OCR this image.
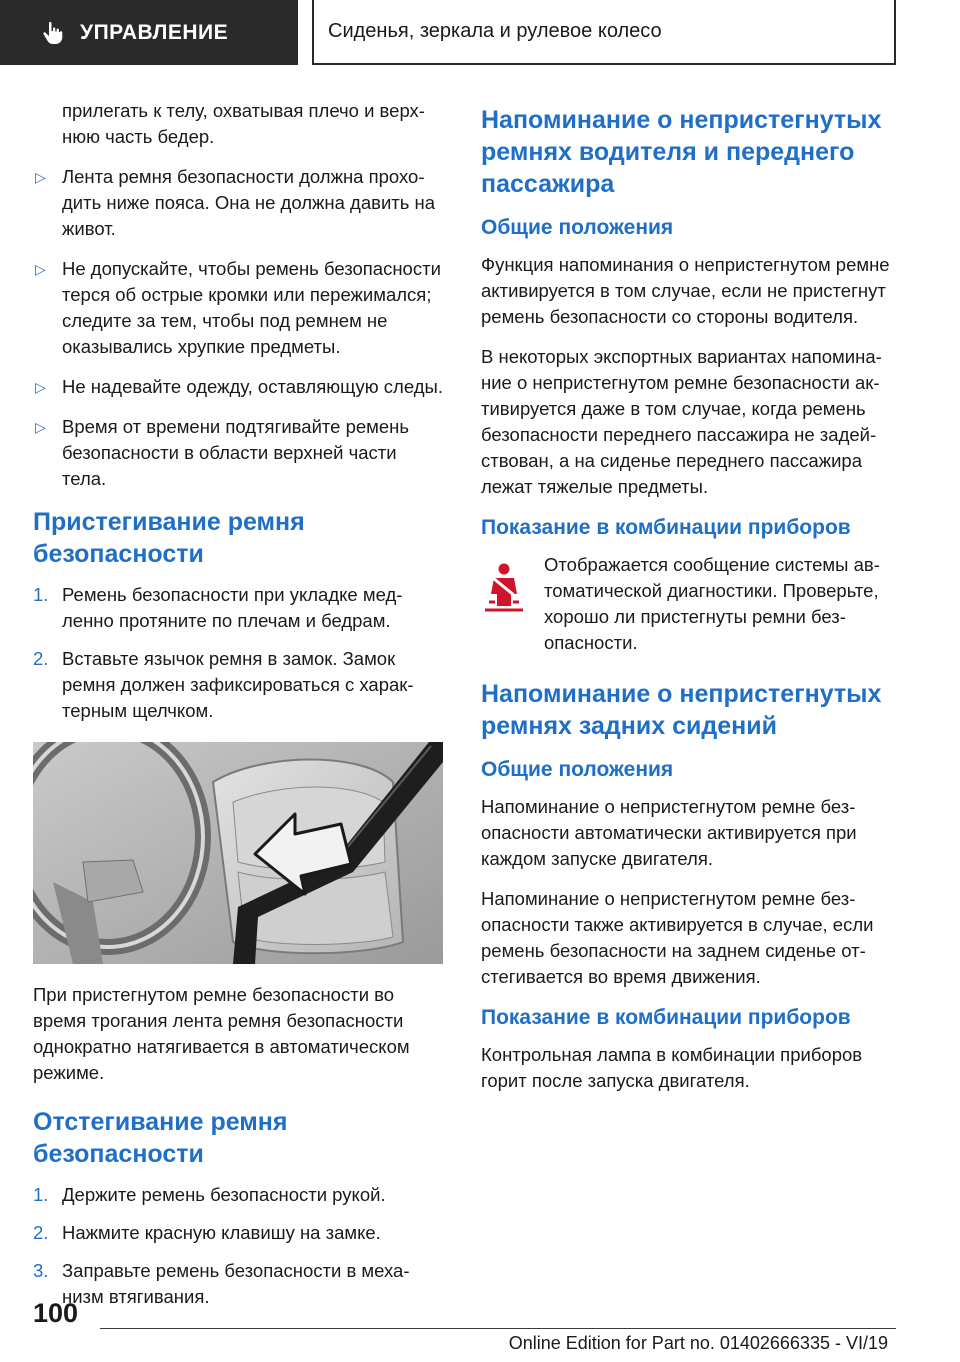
УПРАВЛЕНИЕ	Сиденья, зеркала и рулевое колесо

прилегать к телу, охватывая плечо и верхнюю часть бедер.

▷ Лента ремня безопасности должна проходить ниже пояса. Она не должна давить на живот.
▷ Не допускайте, чтобы ремень безопасности терся об острые кромки или пережимался; следите за тем, чтобы под ремнем не оказывались хрупкие предметы.
▷ Не надевайте одежду, оставляющую следы.
▷ Время от времени подтягивайте ремень безопасности в области верхней части тела.
Пристегивание ремня безопасности
1. Ремень безопасности при укладке медленно протяните по плечам и бедрам.
2. Вставьте язычок ремня в замок. Замок ремня должен зафиксироваться с характерным щелчком.

При пристегнутом ремне безопасности во время трогания лента ремня безопасности однократно натягивается в автоматическом режиме.

Отстегивание ремня безопасности
1. Держите ремень безопасности рукой.
2. Нажмите красную клавишу на замке.
3. Заправьте ремень безопасности в механизм втягивания.
Напоминание о непристегнутых ремнях водителя и переднего пассажира
Общие положения

Функция напоминания о непристегнутом ремне активируется в том случае, если не пристегнут ремень безопасности со стороны водителя.

В некоторых экспортных вариантах напоминание о непристегнутом ремне безопасности активируется даже в том случае, когда ремень безопасности переднего пассажира не задействован, а на сиденье переднего пассажира лежат тяжелые предметы.

Показание в комбинации приборов

Отображается сообщение системы автоматической диагностики. Проверьте, хорошо ли пристегнуты ремни безопасности.

Напоминание о непристегнутых ремнях задних сидений
Общие положения

Напоминание о непристегнутом ремне безопасности автоматически активируется при каждом запуске двигателя.

Напоминание о непристегнутом ремне безопасности также активируется в случае, если ремень безопасности на заднем сиденье отстегивается во время движения.

Показание в комбинации приборов

Контрольная лампа в комбинации приборов горит после запуска двигателя.

100
Online Edition for Part no. 01402666335 - VI/19
